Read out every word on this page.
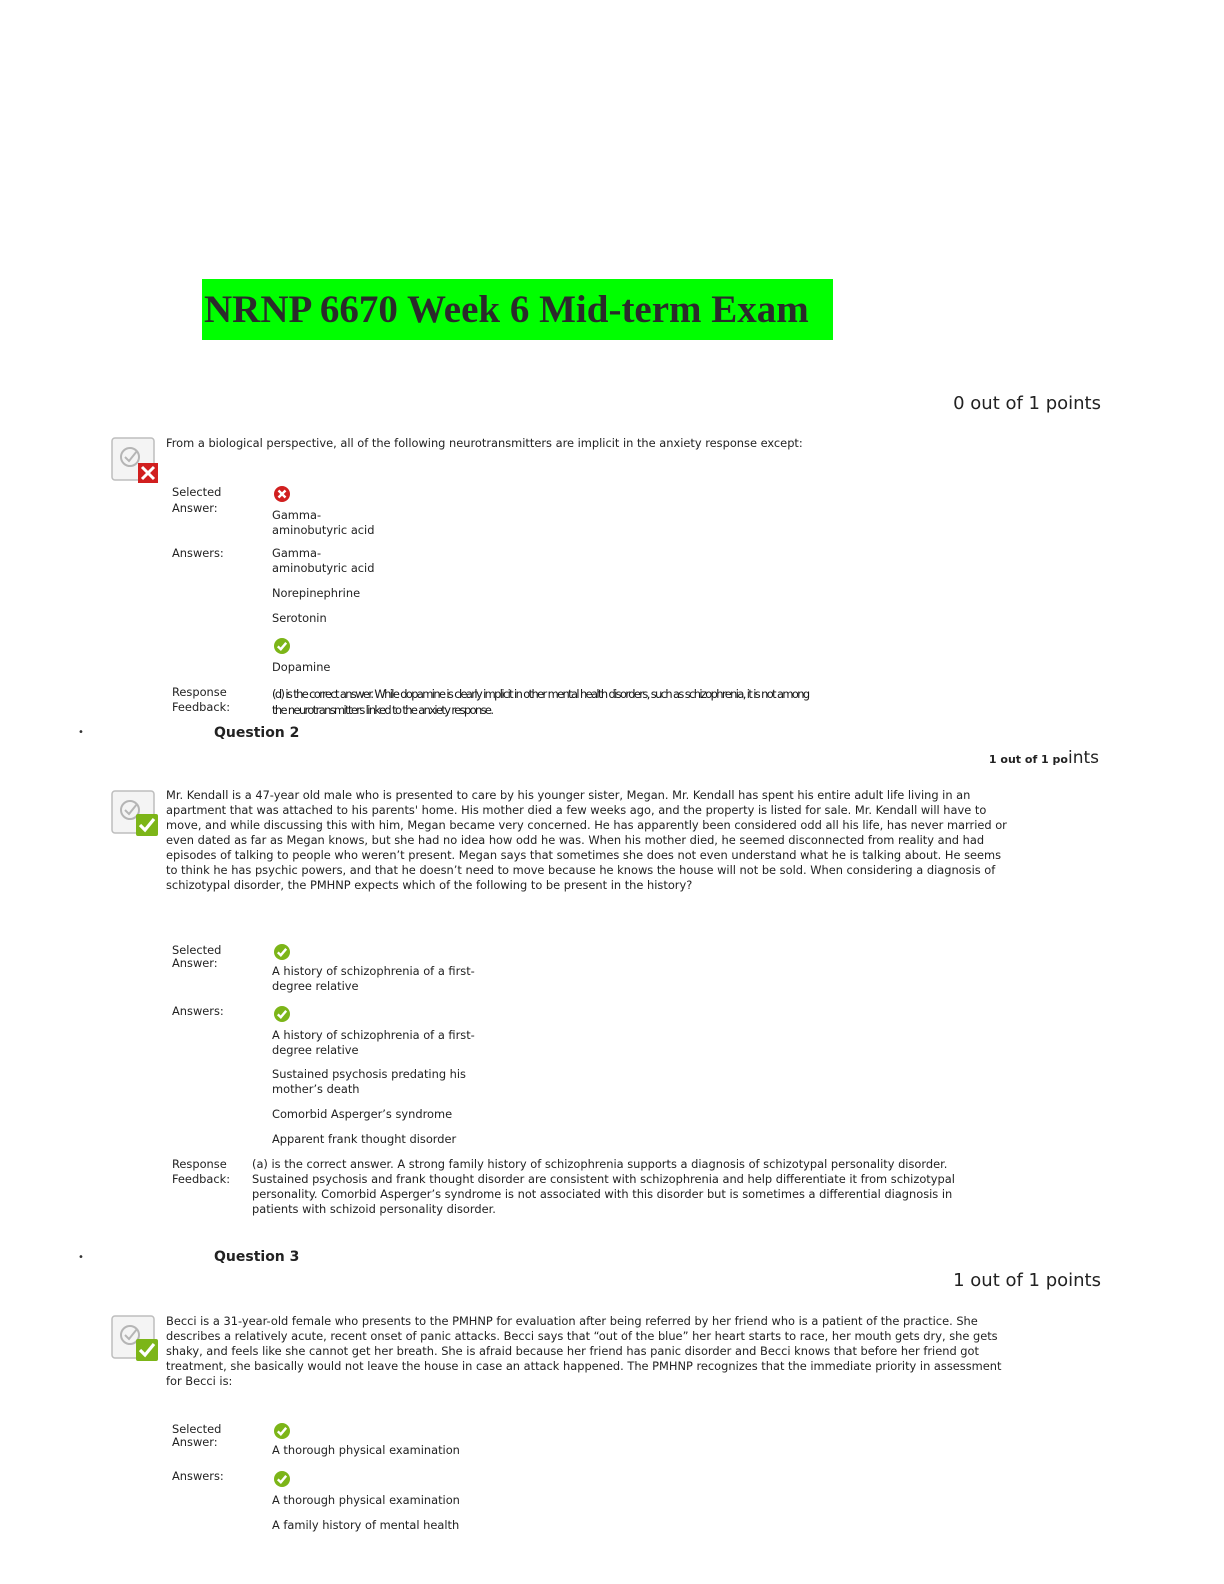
NRNP 6670 Week 6 Mid-term Exam
0 out of 1 points
From a biological perspective, all of the following neurotransmitters are implicit in the anxiety response except:
Selected
Answer:	Gamma-
aminobutyric acid
Answers:	Gamma-
aminobutyric acid
Norepinephrine
Serotonin
Dopamine
Response
Feedback:
(d) is the correct answer. While dopamine is clearly implicit in other mental health disorders, such as schizophrenia, it is not among
the neurotransmitters linked to the anxiety response.
•	Question 2
1 out of 1 points
Mr. Kendall is a 47-year old male who is presented to care by his younger sister, Megan. Mr. Kendall has spent his entire adult life living in an apartment that was attached to his parents' home. His mother died a few weeks ago, and the property is listed for sale. Mr. Kendall will have to move, and while discussing this with him, Megan became very concerned. He has apparently been considered odd all his life, has never married or even dated as far as Megan knows, but she had no idea how odd he was. When his mother died, he seemed disconnected from reality and had episodes of talking to people who weren’t present. Megan says that sometimes she does not even understand what he is talking about. He seems to think he has psychic powers, and that he doesn’t need to move because he knows the house will not be sold. When considering a diagnosis of schizotypal disorder, the PMHNP expects which of the following to be present in the history?
Selected
Answer:
A history of schizophrenia of a first-
degree relative
Answers:
A history of schizophrenia of a first-
degree relative
Sustained psychosis predating his
mother’s death
Comorbid Asperger’s syndrome
Apparent frank thought disorder
Response
Feedback:
(a) is the correct answer. A strong family history of schizophrenia supports a diagnosis of schizotypal personality disorder. Sustained psychosis and frank thought disorder are consistent with schizophrenia and help differentiate it from schizotypal personality. Comorbid Asperger’s syndrome is not associated with this disorder but is sometimes a differential diagnosis in patients with schizoid personality disorder.
•	Question 3
1 out of 1 points
Becci is a 31-year-old female who presents to the PMHNP for evaluation after being referred by her friend who is a patient of the practice. She describes a relatively acute, recent onset of panic attacks. Becci says that “out of the blue” her heart starts to race, her mouth gets dry, she gets shaky, and feels like she cannot get her breath. She is afraid because her friend has panic disorder and Becci knows that before her friend got treatment, she basically would not leave the house in case an attack happened. The PMHNP recognizes that the immediate priority in assessment for Becci is:
Selected
Answer:
A thorough physical examination
Answers:
A thorough physical examination
A family history of mental health
